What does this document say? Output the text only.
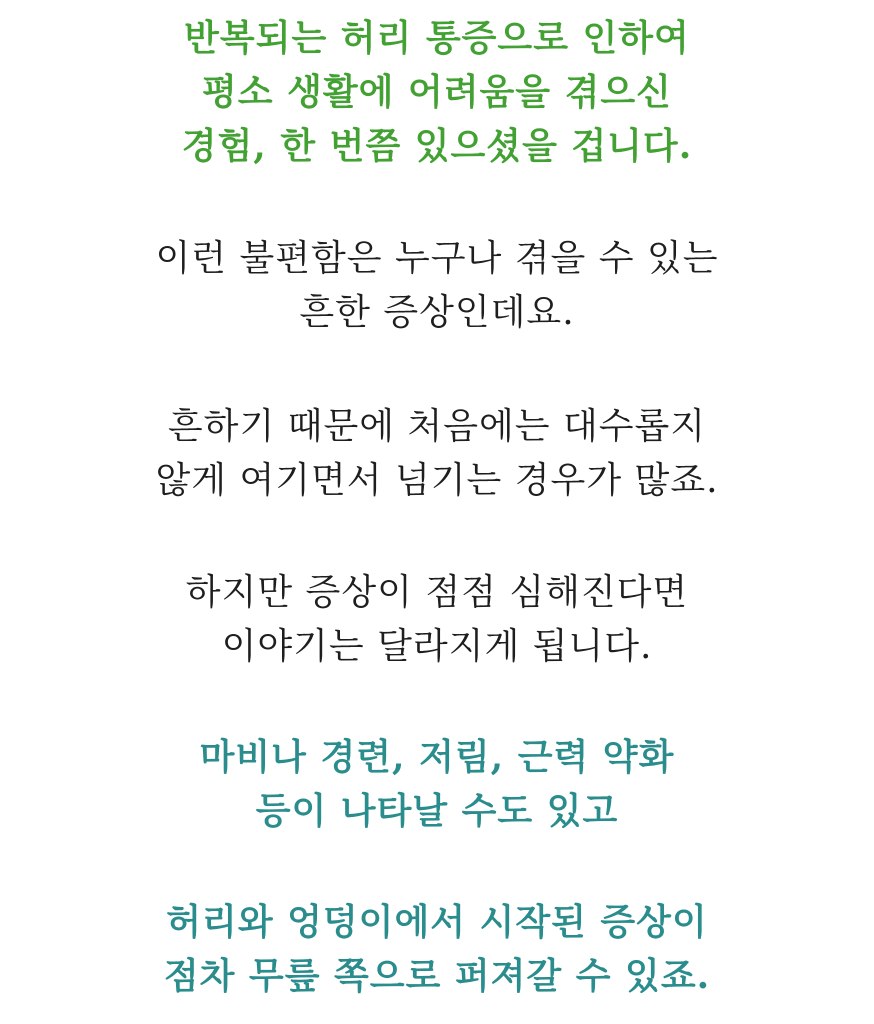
반복되는 허리 통증으로 인하여
평소 생활에 어려움을 겪으신
경험, 한 번쯤 있으셨을 겁니다.
이런 불편함은 누구나 겪을 수 있는
흔한 증상인데요.
흔하기 때문에 처음에는 대수롭지
않게 여기면서 넘기는 경우가 많죠.
하지만 증상이 점점 심해진다면
이야기는 달라지게 됩니다.
마비나 경련, 저림, 근력 약화
등이 나타날 수도 있고
허리와 엉덩이에서 시작된 증상이
점차 무릎 쪽으로 퍼져갈 수 있죠.
